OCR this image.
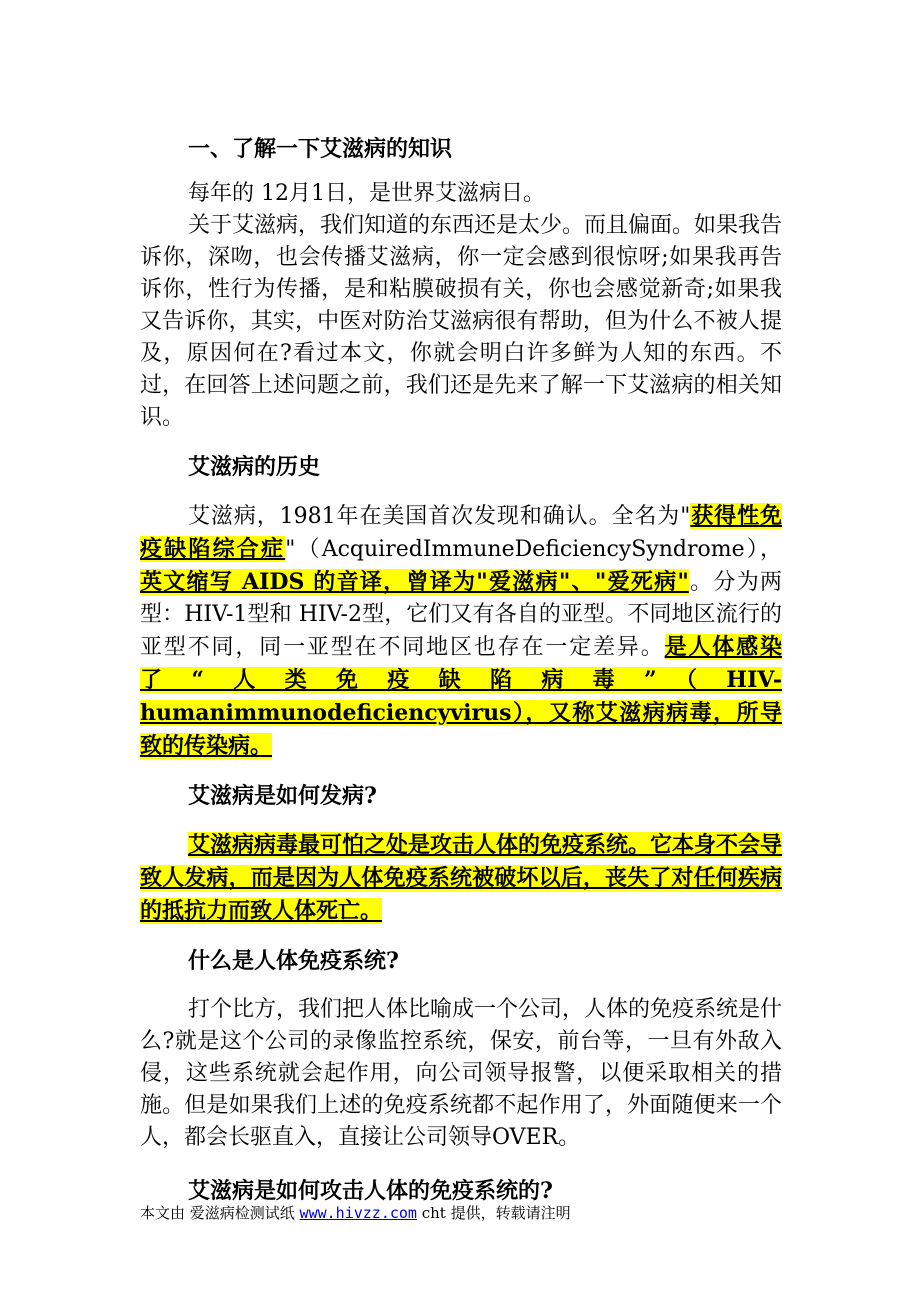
一、了解一下艾滋病的知识

每年的 12月1日，是世界艾滋病日。

关于艾滋病，我们知道的东西还是太少。而且偏面。如果我告诉你，深吻，也会传播艾滋病，你一定会感到很惊呀;如果我再告诉你，性行为传播，是和粘膜破损有关，你也会感觉新奇;如果我又告诉你，其实，中医对防治艾滋病很有帮助，但为什么不被人提及，原因何在?看过本文，你就会明白许多鲜为人知的东西。不过，在回答上述问题之前，我们还是先来了解一下艾滋病的相关知识。

艾滋病的历史

艾滋病，1981年在美国首次发现和确认。全名为"获得性免疫缺陷综合症"（AcquiredImmuneDeficiencySyndrome），英文缩写 AIDS 的音译，曾译为"爱滋病"、"爱死病"。分为两型：HIV-1型和 HIV-2型，它们又有各自的亚型。不同地区流行的亚型不同，同一亚型在不同地区也存在一定差异。是人体感染了“人类免疫缺陷病毒”（HIV-humanimmunodeficiencyvirus），又称艾滋病病毒，所导致的传染病。

艾滋病是如何发病?

艾滋病病毒最可怕之处是攻击人体的免疫系统。它本身不会导致人发病，而是因为人体免疫系统被破坏以后，丧失了对任何疾病的抵抗力而致人体死亡。

什么是人体免疫系统?

打个比方，我们把人体比喻成一个公司，人体的免疫系统是什么?就是这个公司的录像监控系统，保安，前台等，一旦有外敌入侵，这些系统就会起作用，向公司领导报警，以便采取相关的措施。但是如果我们上述的免疫系统都不起作用了，外面随便来一个人，都会长驱直入，直接让公司领导OVER。

艾滋病是如何攻击人体的免疫系统的?
本文由 爱滋病检测试纸 www.hivzz.com cht 提供，转载请注明
